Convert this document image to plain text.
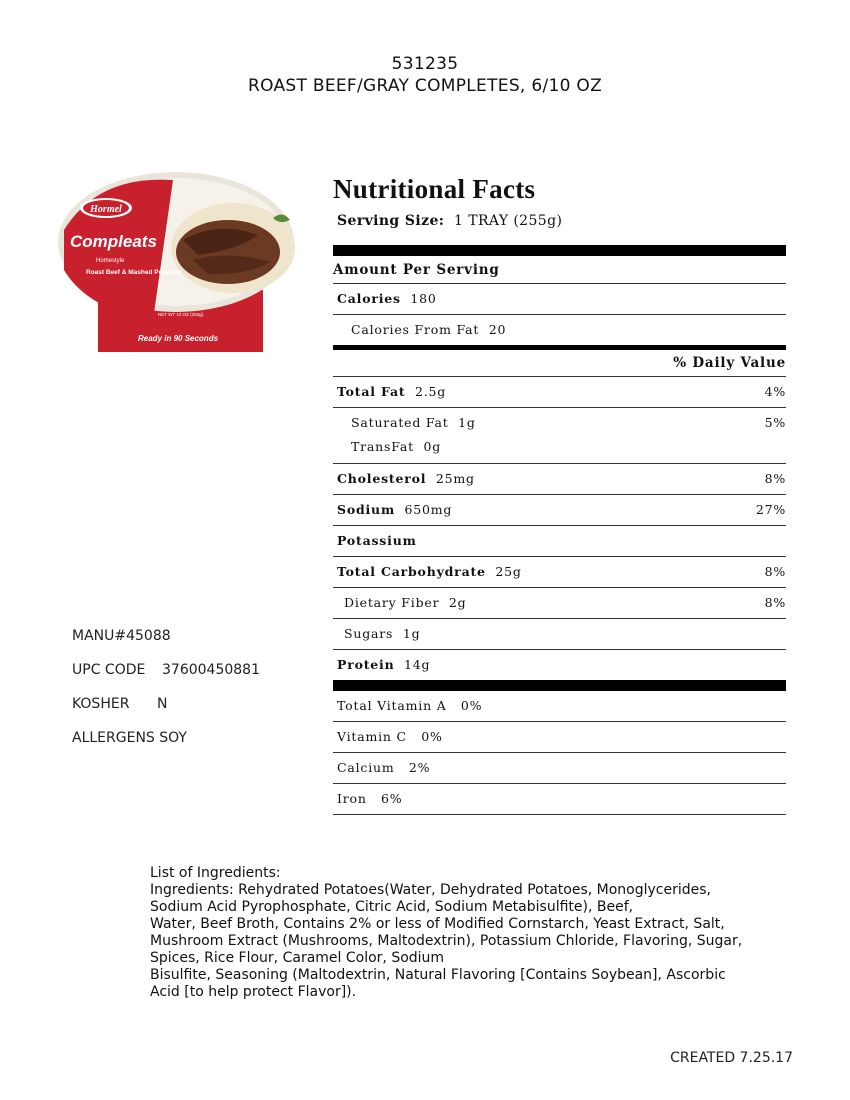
531235
ROAST BEEF/GRAY COMPLETES, 6/10 OZ
Hormel
Compleats
Homestyle
Roast Beef & Mashed Potatoes
NET WT 10 OZ (283g)
Ready in 90 Seconds
MANU#45088
UPC CODE 37600450881
KOSHER N
ALLERGENS SOY
Nutritional Facts
Serving Size: 1 TRAY (255g)
Amount Per Serving
Calories 180
Calories From Fat 20
% Daily Value
Total Fat 2.5g	4%
Saturated Fat 1g	5%
TransFat 0g
Cholesterol 25mg	8%
Sodium 650mg	27%
Potassium
Total Carbohydrate 25g	8%
Dietary Fiber 2g	8%
Sugars 1g
Protein 14g
Total Vitamin A 0%
Vitamin C 0%
Calcium 2%
Iron 6%
List of Ingredients:
Ingredients: Rehydrated Potatoes(Water, Dehydrated Potatoes, Monoglycerides,
Sodium Acid Pyrophosphate, Citric Acid, Sodium Metabisulfite), Beef,
Water, Beef Broth, Contains 2% or less of Modified Cornstarch, Yeast Extract, Salt,
Mushroom Extract (Mushrooms, Maltodextrin), Potassium Chloride, Flavoring, Sugar,
Spices, Rice Flour, Caramel Color, Sodium
Bisulfite, Seasoning (Maltodextrin, Natural Flavoring [Contains Soybean], Ascorbic
Acid [to help protect Flavor]).
CREATED 7.25.17
